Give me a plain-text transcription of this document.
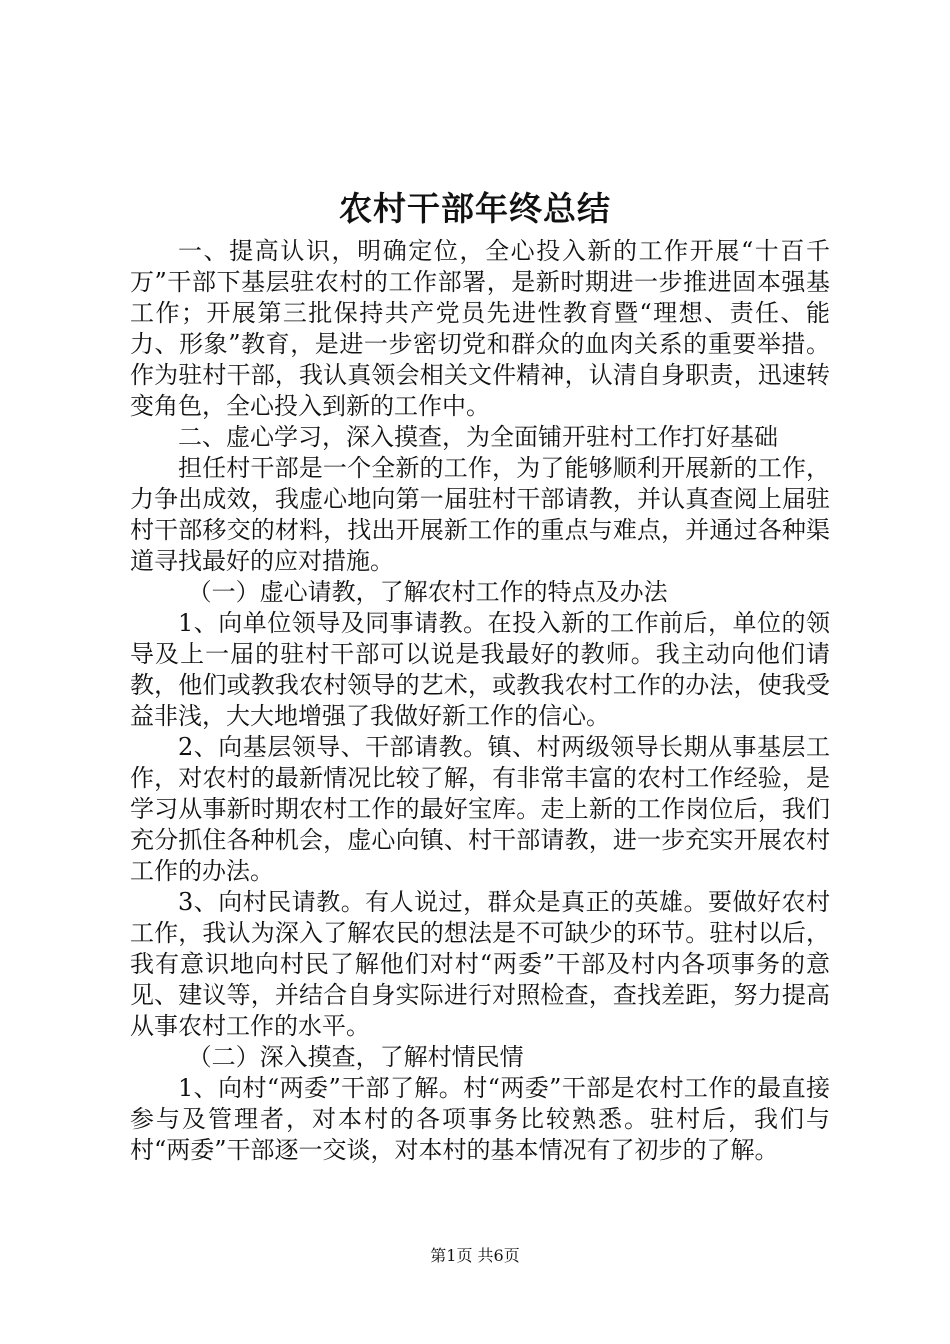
农村干部年终总结

一、提高认识，明确定位，全心投入新的工作开展“十百千万”干部下基层驻农村的工作部署，是新时期进一步推进固本强基工作；开展第三批保持共产党员先进性教育暨“理想、责任、能力、形象”教育，是进一步密切党和群众的血肉关系的重要举措。作为驻村干部，我认真领会相关文件精神，认清自身职责，迅速转变角色，全心投入到新的工作中。

二、虚心学习，深入摸查，为全面铺开驻村工作打好基础

担任村干部是一个全新的工作，为了能够顺利开展新的工作，力争出成效，我虚心地向第一届驻村干部请教，并认真查阅上届驻村干部移交的材料，找出开展新工作的重点与难点，并通过各种渠道寻找最好的应对措施。

（一）虚心请教，了解农村工作的特点及办法

1、向单位领导及同事请教。在投入新的工作前后，单位的领导及上一届的驻村干部可以说是我最好的教师。我主动向他们请教，他们或教我农村领导的艺术，或教我农村工作的办法，使我受益非浅，大大地增强了我做好新工作的信心。

2、向基层领导、干部请教。镇、村两级领导长期从事基层工作，对农村的最新情况比较了解，有非常丰富的农村工作经验，是学习从事新时期农村工作的最好宝库。走上新的工作岗位后，我们充分抓住各种机会，虚心向镇、村干部请教，进一步充实开展农村工作的办法。

3、向村民请教。有人说过，群众是真正的英雄。要做好农村工作，我认为深入了解农民的想法是不可缺少的环节。驻村以后，我有意识地向村民了解他们对村“两委”干部及村内各项事务的意见、建议等，并结合自身实际进行对照检查，查找差距，努力提高从事农村工作的水平。

（二）深入摸查，了解村情民情

1、向村“两委”干部了解。村“两委”干部是农村工作的最直接参与及管理者，对本村的各项事务比较熟悉。驻村后，我们与村“两委”干部逐一交谈，对本村的基本情况有了初步的了解。

第1页 共6页
